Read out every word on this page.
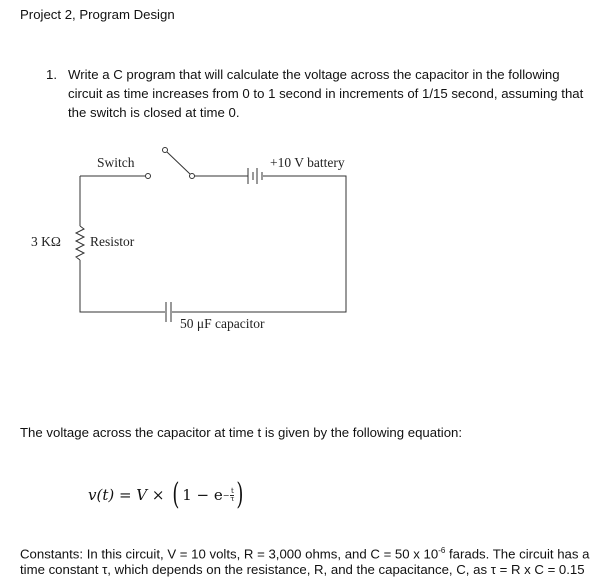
Project 2, Program Design
1. Write a C program that will calculate the voltage across the capacitor in the following
circuit as time increases from 0 to 1 second in increments of 1/15 second, assuming that
the switch is closed at time 0.
Switch	+10 V battery
3 KΩ Resistor
50 μF capacitor
The voltage across the capacitor at time t is given by the following equation:
v(t) = V × ( $1 - e - \frac{t}{\tau}$ )
Constants: In this circuit, V = 10 volts, R = 3,000 ohms, and C = 50 x $10^{-6}$ farads. The circuit has a
time constant τ, which depends on the resistance, R, and the capacitance, C, as τ = R x C = 0.15
